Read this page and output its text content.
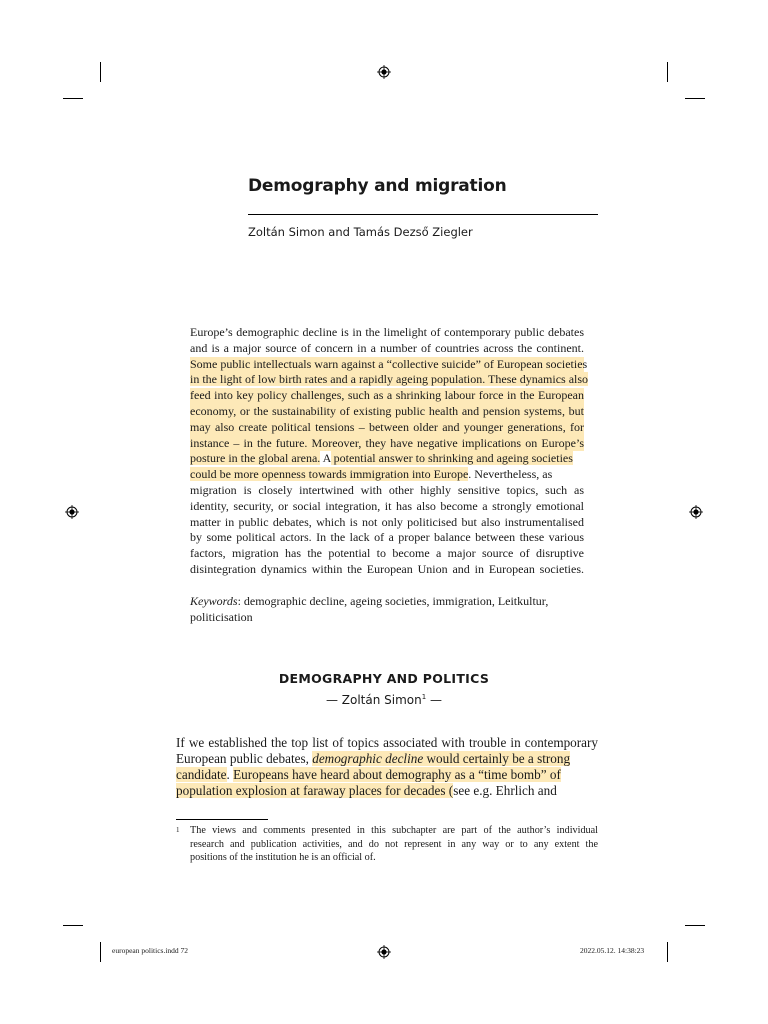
Demography and migration
Zoltán Simon and Tamás Dezső Ziegler
Europe’s demographic decline is in the limelight of contemporary public debates
and is a major source of concern in a number of countries across the continent.
Some public intellectuals warn against a “collective suicide” of European societies
in the light of low birth rates and a rapidly ageing population. These dynamics also
feed into key policy challenges, such as a shrinking labour force in the European
economy, or the sustainability of existing public health and pension systems, but
may also create political tensions – between older and younger generations, for
instance – in the future. Moreover, they have negative implications on Europe’s
posture in the global arena. A potential answer to shrinking and ageing societies
could be more openness towards immigration into Europe. Nevertheless, as
migration is closely intertwined with other highly sensitive topics, such as
identity, security, or social integration, it has also become a strongly emotional
matter in public debates, which is not only politicised but also instrumentalised
by some political actors. In the lack of a proper balance between these various
factors, migration has the potential to become a major source of disruptive
disintegration dynamics within the European Union and in European societies.
Keywords: demographic decline, ageing societies, immigration, Leitkultur,
politicisation
DEMOGRAPHY AND POLITICS
— Zoltán Simon$^1$ —
If we established the top list of topics associated with trouble in contemporary
European public debates, demographic decline would certainly be a strong
candidate. Europeans have heard about demography as a “time bomb” of
population explosion at faraway places for decades (see e.g. Ehrlich and
1 The views and comments presented in this subchapter are part of the author’s individual
research and publication activities, and do not represent in any way or to any extent the
positions of the institution he is an official of.
european politics.indd 72	2022.05.12. 14:38:23
